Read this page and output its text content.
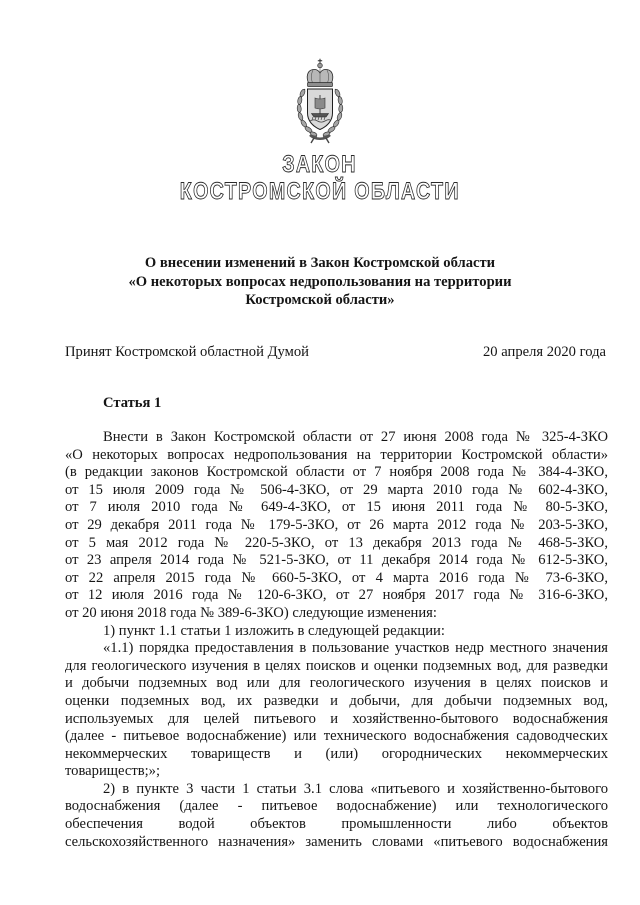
ЗАКОН
КОСТРОМСКОЙ ОБЛАСТИ
О внесении изменений в Закон Костромской области
«О некоторых вопросах недропользования на территории
Костромской области»
Принят Костромской областной Думой	20 апреля 2020 года
Статья 1
Внести в Закон Костромской области от 27 июня 2008 года № 325-4-ЗКО
«О некоторых вопросах недропользования на территории Костромской области»
(в редакции законов Костромской области от 7 ноября 2008 года № 384-4-ЗКО,
от 15 июля 2009 года № 506-4-ЗКО, от 29 марта 2010 года № 602-4-ЗКО,
от 7 июля 2010 года № 649-4-ЗКО, от 15 июня 2011 года № 80-5-ЗКО,
от 29 декабря 2011 года № 179-5-ЗКО, от 26 марта 2012 года № 203-5-ЗКО,
от 5 мая 2012 года № 220-5-ЗКО, от 13 декабря 2013 года № 468-5-ЗКО,
от 23 апреля 2014 года № 521-5-ЗКО, от 11 декабря 2014 года № 612-5-ЗКО,
от 22 апреля 2015 года № 660-5-ЗКО, от 4 марта 2016 года № 73-6-ЗКО,
от 12 июля 2016 года № 120-6-ЗКО, от 27 ноября 2017 года № 316-6-ЗКО,
от 20 июня 2018 года № 389-6-ЗКО) следующие изменения:
1) пункт 1.1 статьи 1 изложить в следующей редакции:
«1.1) порядка предоставления в пользование участков недр местного значения
для геологического изучения в целях поисков и оценки подземных вод, для разведки
и добычи подземных вод или для геологического изучения в целях поисков и
оценки подземных вод, их разведки и добычи, для добычи подземных вод,
используемых для целей питьевого и хозяйственно-бытового водоснабжения
(далее - питьевое водоснабжение) или технического водоснабжения садоводческих
некоммерческих товариществ и (или) огороднических некоммерческих
товариществ;»;
2) в пункте 3 части 1 статьи 3.1 слова «питьевого и хозяйственно-бытового
водоснабжения (далее - питьевое водоснабжение) или технологического
обеспечения водой объектов промышленности либо объектов
сельскохозяйственного назначения» заменить словами «питьевого водоснабжения
